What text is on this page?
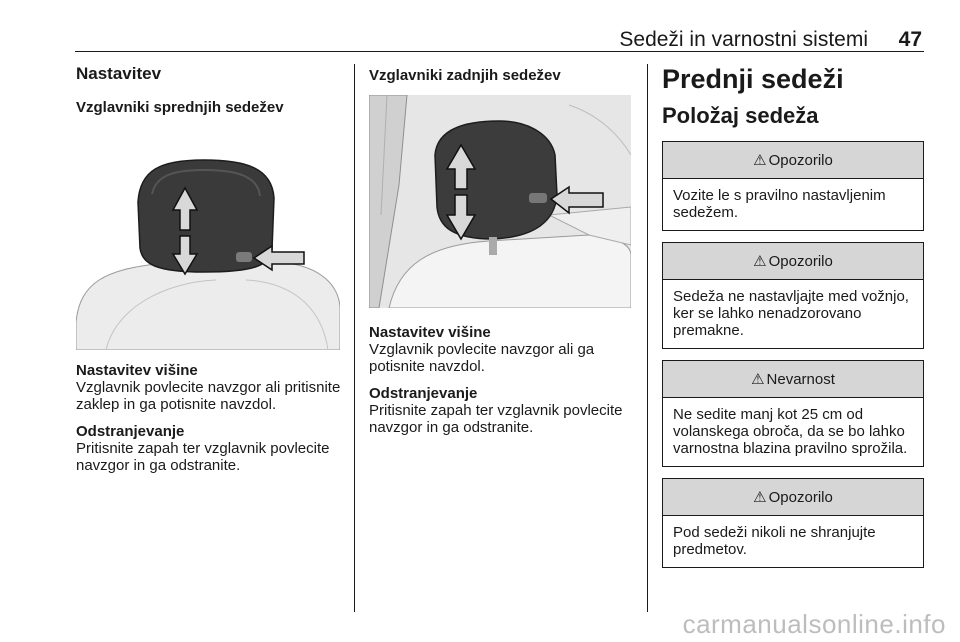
Sedeži in varnostni sistemi 47
Nastavitev
Vzglavniki sprednjih sedežev
Nastavitev višine
Vzglavnik povlecite navzgor ali pritisnite zaklep in ga potisnite navzdol.
Odstranjevanje
Pritisnite zapah ter vzglavnik povlecite navzgor in ga odstranite.
Vzglavniki zadnjih sedežev
Nastavitev višine
Vzglavnik povlecite navzgor ali ga potisnite navzdol.
Odstranjevanje
Pritisnite zapah ter vzglavnik povlecite navzgor in ga odstranite.
Prednji sedeži
Položaj sedeža
⚠ Opozorilo
Vozite le s pravilno nastavljenim sedežem.
⚠ Opozorilo
Sedeža ne nastavljajte med vožnjo, ker se lahko nenadzorovano premakne.
⚠ Nevarnost
Ne sedite manj kot 25 cm od volanskega obroča, da se bo lahko varnostna blazina pravilno sprožila.
⚠ Opozorilo
Pod sedeži nikoli ne shranjujte predmetov.
carmanualsonline.info
